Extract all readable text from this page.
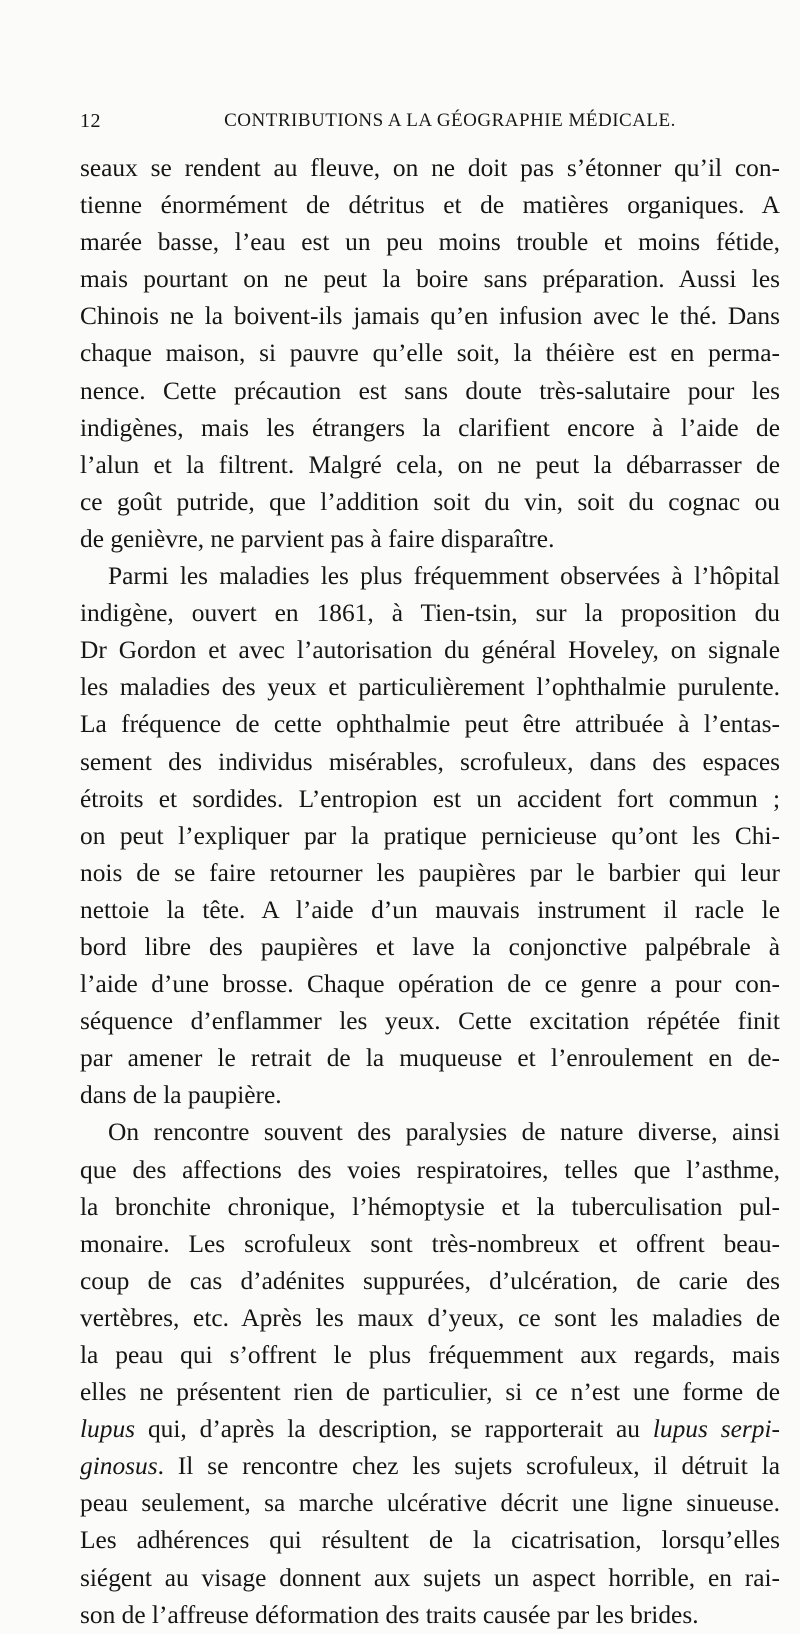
12	CONTRIBUTIONS A LA GÉOGRAPHIE MÉDICALE.
seaux se rendent au fleuve, on ne doit pas s’étonner qu’il con-
tienne énormément de détritus et de matières organiques. A
marée basse, l’eau est un peu moins trouble et moins fétide,
mais pourtant on ne peut la boire sans préparation. Aussi les
Chinois ne la boivent-ils jamais qu’en infusion avec le thé. Dans
chaque maison, si pauvre qu’elle soit, la théière est en perma-
nence. Cette précaution est sans doute très-salutaire pour les
indigènes, mais les étrangers la clarifient encore à l’aide de
l’alun et la filtrent. Malgré cela, on ne peut la débarrasser de
ce goût putride, que l’addition soit du vin, soit du cognac ou
de genièvre, ne parvient pas à faire disparaître.
Parmi les maladies les plus fréquemment observées à l’hôpital
indigène, ouvert en 1861, à Tien-tsin, sur la proposition du
Dr Gordon et avec l’autorisation du général Hoveley, on signale
les maladies des yeux et particulièrement l’ophthalmie purulente.
La fréquence de cette ophthalmie peut être attribuée à l’entas-
sement des individus misérables, scrofuleux, dans des espaces
étroits et sordides. L’entropion est un accident fort commun ;
on peut l’expliquer par la pratique pernicieuse qu’ont les Chi-
nois de se faire retourner les paupières par le barbier qui leur
nettoie la tête. A l’aide d’un mauvais instrument il racle le
bord libre des paupières et lave la conjonctive palpébrale à
l’aide d’une brosse. Chaque opération de ce genre a pour con-
séquence d’enflammer les yeux. Cette excitation répétée finit
par amener le retrait de la muqueuse et l’enroulement en de-
dans de la paupière.
On rencontre souvent des paralysies de nature diverse, ainsi
que des affections des voies respiratoires, telles que l’asthme,
la bronchite chronique, l’hémoptysie et la tuberculisation pul-
monaire. Les scrofuleux sont très-nombreux et offrent beau-
coup de cas d’adénites suppurées, d’ulcération, de carie des
vertèbres, etc. Après les maux d’yeux, ce sont les maladies de
la peau qui s’offrent le plus fréquemment aux regards, mais
elles ne présentent rien de particulier, si ce n’est une forme de
lupus qui, d’après la description, se rapporterait au lupus serpi-
ginosus. Il se rencontre chez les sujets scrofuleux, il détruit la
peau seulement, sa marche ulcérative décrit une ligne sinueuse.
Les adhérences qui résultent de la cicatrisation, lorsqu’elles
siégent au visage donnent aux sujets un aspect horrible, en rai-
son de l’affreuse déformation des traits causée par les brides.
